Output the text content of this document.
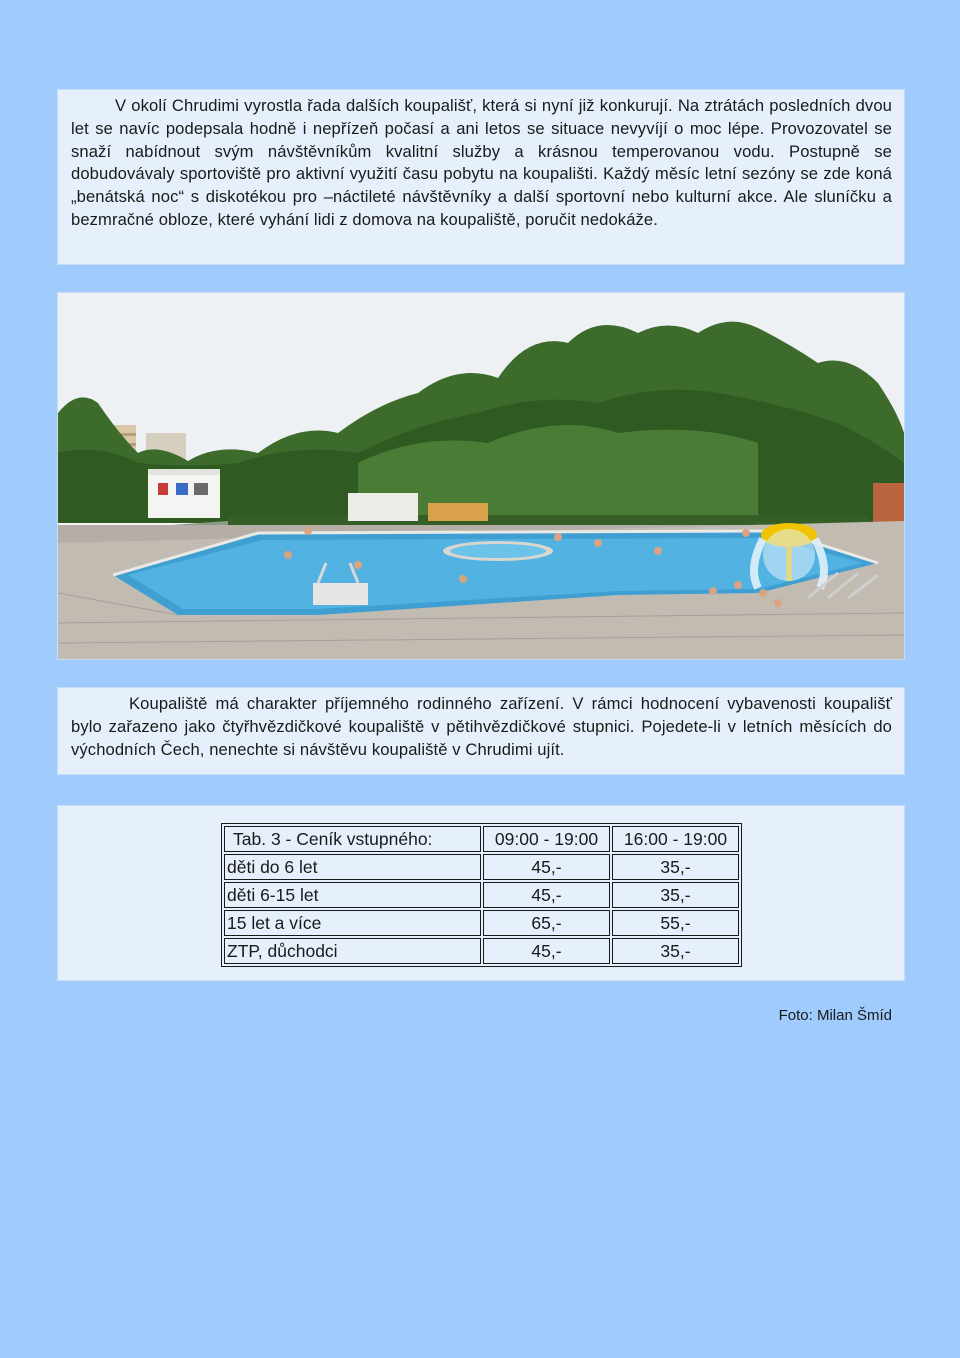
V okolí Chrudimi vyrostla řada dalších koupališť, která si nyní již konkurují. Na ztrátách posledních dvou let se navíc podepsala hodně i nepřízeň počasí a ani letos se situace nevyvíjí o moc lépe. Provozovatel se snaží nabídnout svým návštěvníkům kvalitní služby a krásnou temperovanou vodu. Postupně se dobudovávaly sportoviště pro aktivní využití času pobytu na koupališti. Každý měsíc letní sezóny se zde koná „benátská noc“ s diskotékou pro –náctileté návštěvníky a další sportovní nebo kulturní akce. Ale sluníčku a bezmračné obloze, které vyhání lidi z domova na koupaliště, poručit nedokáže.

Koupaliště má charakter příjemného rodinného zařízení. V rámci hodnocení vybavenosti koupališť bylo zařazeno jako čtyřhvězdičkové koupaliště v pětihvězdičkové stupnici. Pojedete-li v letních měsících do východních Čech, nenechte si návštěvu koupaliště v Chrudimi ujít.

Tab. 3 - Ceník vstupného:	09:00 - 19:00	16:00 - 19:00
děti do 6 let	45,-	35,-
děti 6-15 let	45,-	35,-
15 let a více	65,-	55,-
ZTP, důchodci	45,-	35,-
Foto: Milan Šmíd
